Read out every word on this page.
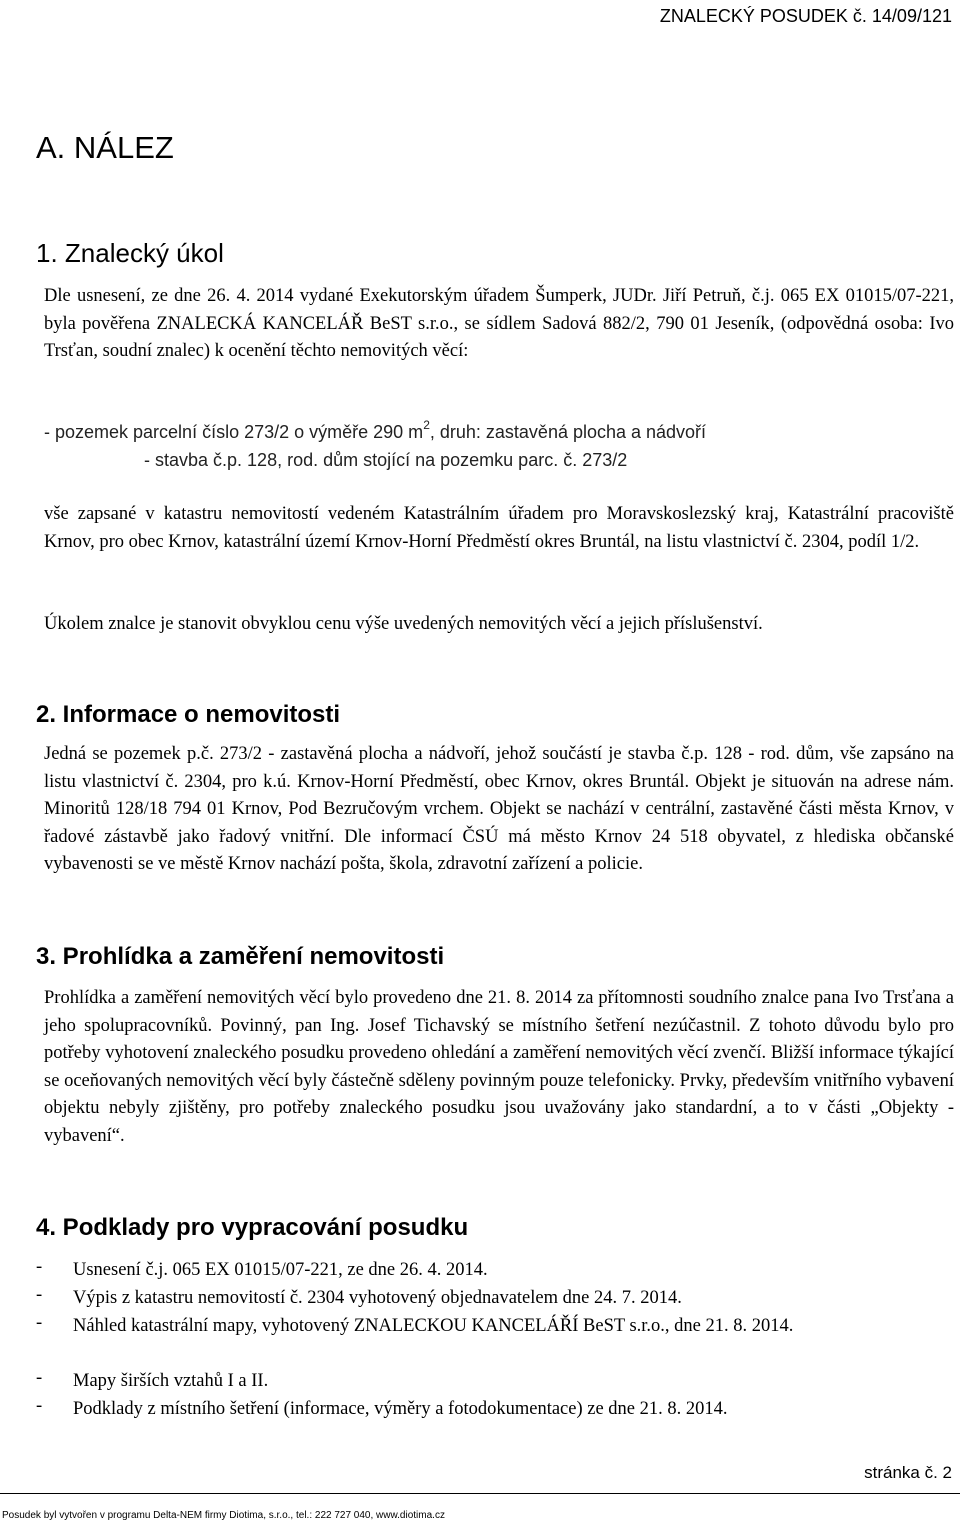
ZNALECKÝ POSUDEK č. 14/09/121
A. NÁLEZ
1. Znalecký úkol
Dle usnesení, ze dne 26. 4. 2014 vydané Exekutorským úřadem Šumperk, JUDr. Jiří Petruň, č.j. 065 EX 01015/07-221, byla pověřena ZNALECKÁ KANCELÁŘ BeST s.r.o., se sídlem Sadová 882/2, 790 01 Jeseník, (odpovědná osoba: Ivo Trsťan, soudní znalec) k ocenění těchto nemovitých věcí:
- pozemek parcelní číslo 273/2 o výměře 290 $m^2$, druh: zastavěná plocha a nádvoří
- stavba č.p. 128, rod. dům stojící na pozemku parc. č. 273/2
vše zapsané v katastru nemovitostí vedeném Katastrálním úřadem pro Moravskoslezský kraj, Katastrální pracoviště Krnov, pro obec Krnov, katastrální území Krnov-Horní Předměstí okres Bruntál, na listu vlastnictví č. 2304, podíl 1/2.
Úkolem znalce je stanovit obvyklou cenu výše uvedených nemovitých věcí a jejich příslušenství.
2. Informace o nemovitosti
Jedná se pozemek p.č. 273/2 - zastavěná plocha a nádvoří, jehož součástí je stavba č.p. 128 - rod. dům, vše zapsáno na listu vlastnictví č. 2304, pro k.ú. Krnov-Horní Předměstí, obec Krnov, okres Bruntál. Objekt je situován na adrese nám. Minoritů 128/18 794 01 Krnov, Pod Bezručovým vrchem. Objekt se nachází v centrální, zastavěné části města Krnov, v řadové zástavbě jako řadový vnitřní. Dle informací ČSÚ má město Krnov 24 518 obyvatel, z hlediska občanské vybavenosti se ve městě Krnov nachází pošta, škola, zdravotní zařízení a policie.
3. Prohlídka a zaměření nemovitosti
Prohlídka a zaměření nemovitých věcí bylo provedeno dne 21. 8. 2014 za přítomnosti soudního znalce pana Ivo Trsťana a jeho spolupracovníků. Povinný, pan Ing. Josef Tichavský se místního šetření nezúčastnil. Z tohoto důvodu bylo pro potřeby vyhotovení znaleckého posudku provedeno ohledání a zaměření nemovitých věcí zvenčí. Bližší informace týkající se oceňovaných nemovitých věcí byly částečně sděleny povinným pouze telefonicky. Prvky, především vnitřního vybavení objektu nebyly zjištěny, pro potřeby znaleckého posudku jsou uvažovány jako standardní, a to v části „Objekty - vybavení“.
4. Podklady pro vypracování posudku
- Usnesení č.j. 065 EX 01015/07-221, ze dne 26. 4. 2014.
- Výpis z katastru nemovitostí č. 2304 vyhotovený objednavatelem dne 24. 7. 2014.
- Náhled katastrální mapy, vyhotovený ZNALECKOU KANCELÁŘÍ BeST s.r.o., dne 21. 8. 2014.
- Mapy širších vztahů I a II.
- Podklady z místního šetření (informace, výměry a fotodokumentace) ze dne 21. 8. 2014.
stránka č. 2
Posudek byl vytvořen v programu Delta-NEM firmy Diotima, s.r.o., tel.: 222 727 040, www.diotima.cz
